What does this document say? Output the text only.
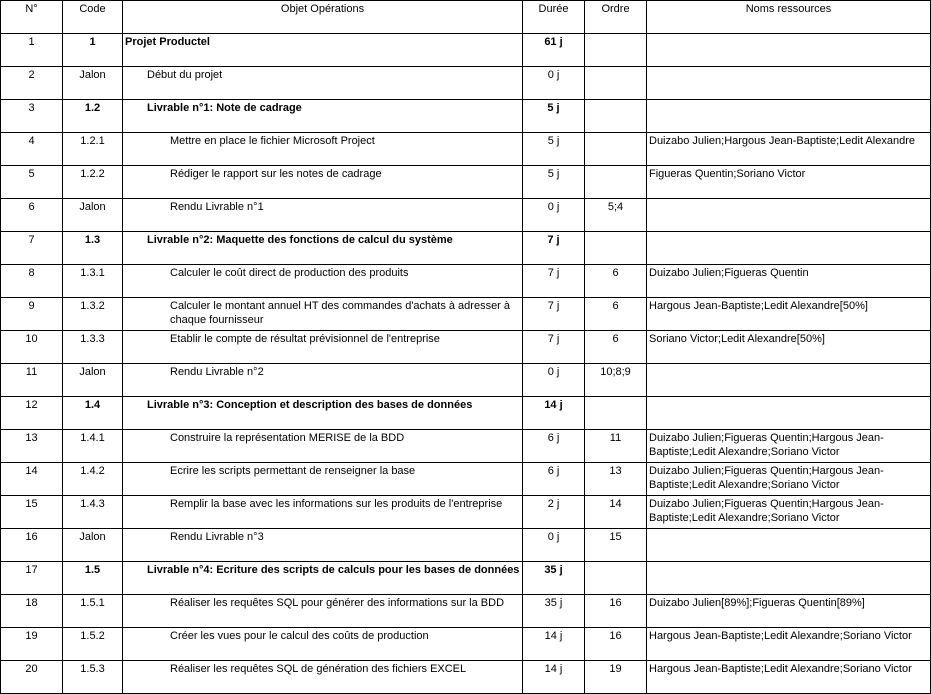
N°	Code	Objet Opérations	Durée	Ordre	Noms ressources
1	1	Projet Productel	61 j		
2	Jalon	Début du projet	0 j		
3	1.2	Livrable n°1: Note de cadrage	5 j		
4	1.2.1	Mettre en place le fichier Microsoft Project	5 j		Duizabo Julien;Hargous Jean-Baptiste;Ledit Alexandre
5	1.2.2	Rédiger le rapport sur les notes de cadrage	5 j		Figueras Quentin;Soriano Victor
6	Jalon	Rendu Livrable n°1	0 j	5;4	
7	1.3	Livrable n°2: Maquette des fonctions de calcul du système	7 j		
8	1.3.1	Calculer le coût direct de production des produits	7 j	6	Duizabo Julien;Figueras Quentin
9	1.3.2	Calculer le montant annuel HT des commandes d'achats à adresser à chaque fournisseur	7 j	6	Hargous Jean-Baptiste;Ledit Alexandre[50%]
10	1.3.3	Etablir le compte de résultat prévisionnel de l'entreprise	7 j	6	Soriano Victor;Ledit Alexandre[50%]
11	Jalon	Rendu Livrable n°2	0 j	10;8;9	
12	1.4	Livrable n°3: Conception et description des bases de données	14 j		
13	1.4.1	Construire la représentation MERISE de la BDD	6 j	11	Duizabo Julien;Figueras Quentin;Hargous Jean-Baptiste;Ledit Alexandre;Soriano Victor
14	1.4.2	Ecrire les scripts permettant de renseigner la base	6 j	13	Duizabo Julien;Figueras Quentin;Hargous Jean-Baptiste;Ledit Alexandre;Soriano Victor
15	1.4.3	Remplir la base avec les informations sur les produits de l'entreprise	2 j	14	Duizabo Julien;Figueras Quentin;Hargous Jean-Baptiste;Ledit Alexandre;Soriano Victor
16	Jalon	Rendu Livrable n°3	0 j	15	
17	1.5	Livrable n°4: Ecriture des scripts de calculs pour les bases de données	35 j		
18	1.5.1	Réaliser les requêtes SQL pour générer des informations sur la BDD	35 j	16	Duizabo Julien[89%];Figueras Quentin[89%]
19	1.5.2	Créer les vues pour le calcul des coûts de production	14 j	16	Hargous Jean-Baptiste;Ledit Alexandre;Soriano Victor
20	1.5.3	Réaliser les requêtes SQL de génération des fichiers EXCEL	14 j	19	Hargous Jean-Baptiste;Ledit Alexandre;Soriano Victor
